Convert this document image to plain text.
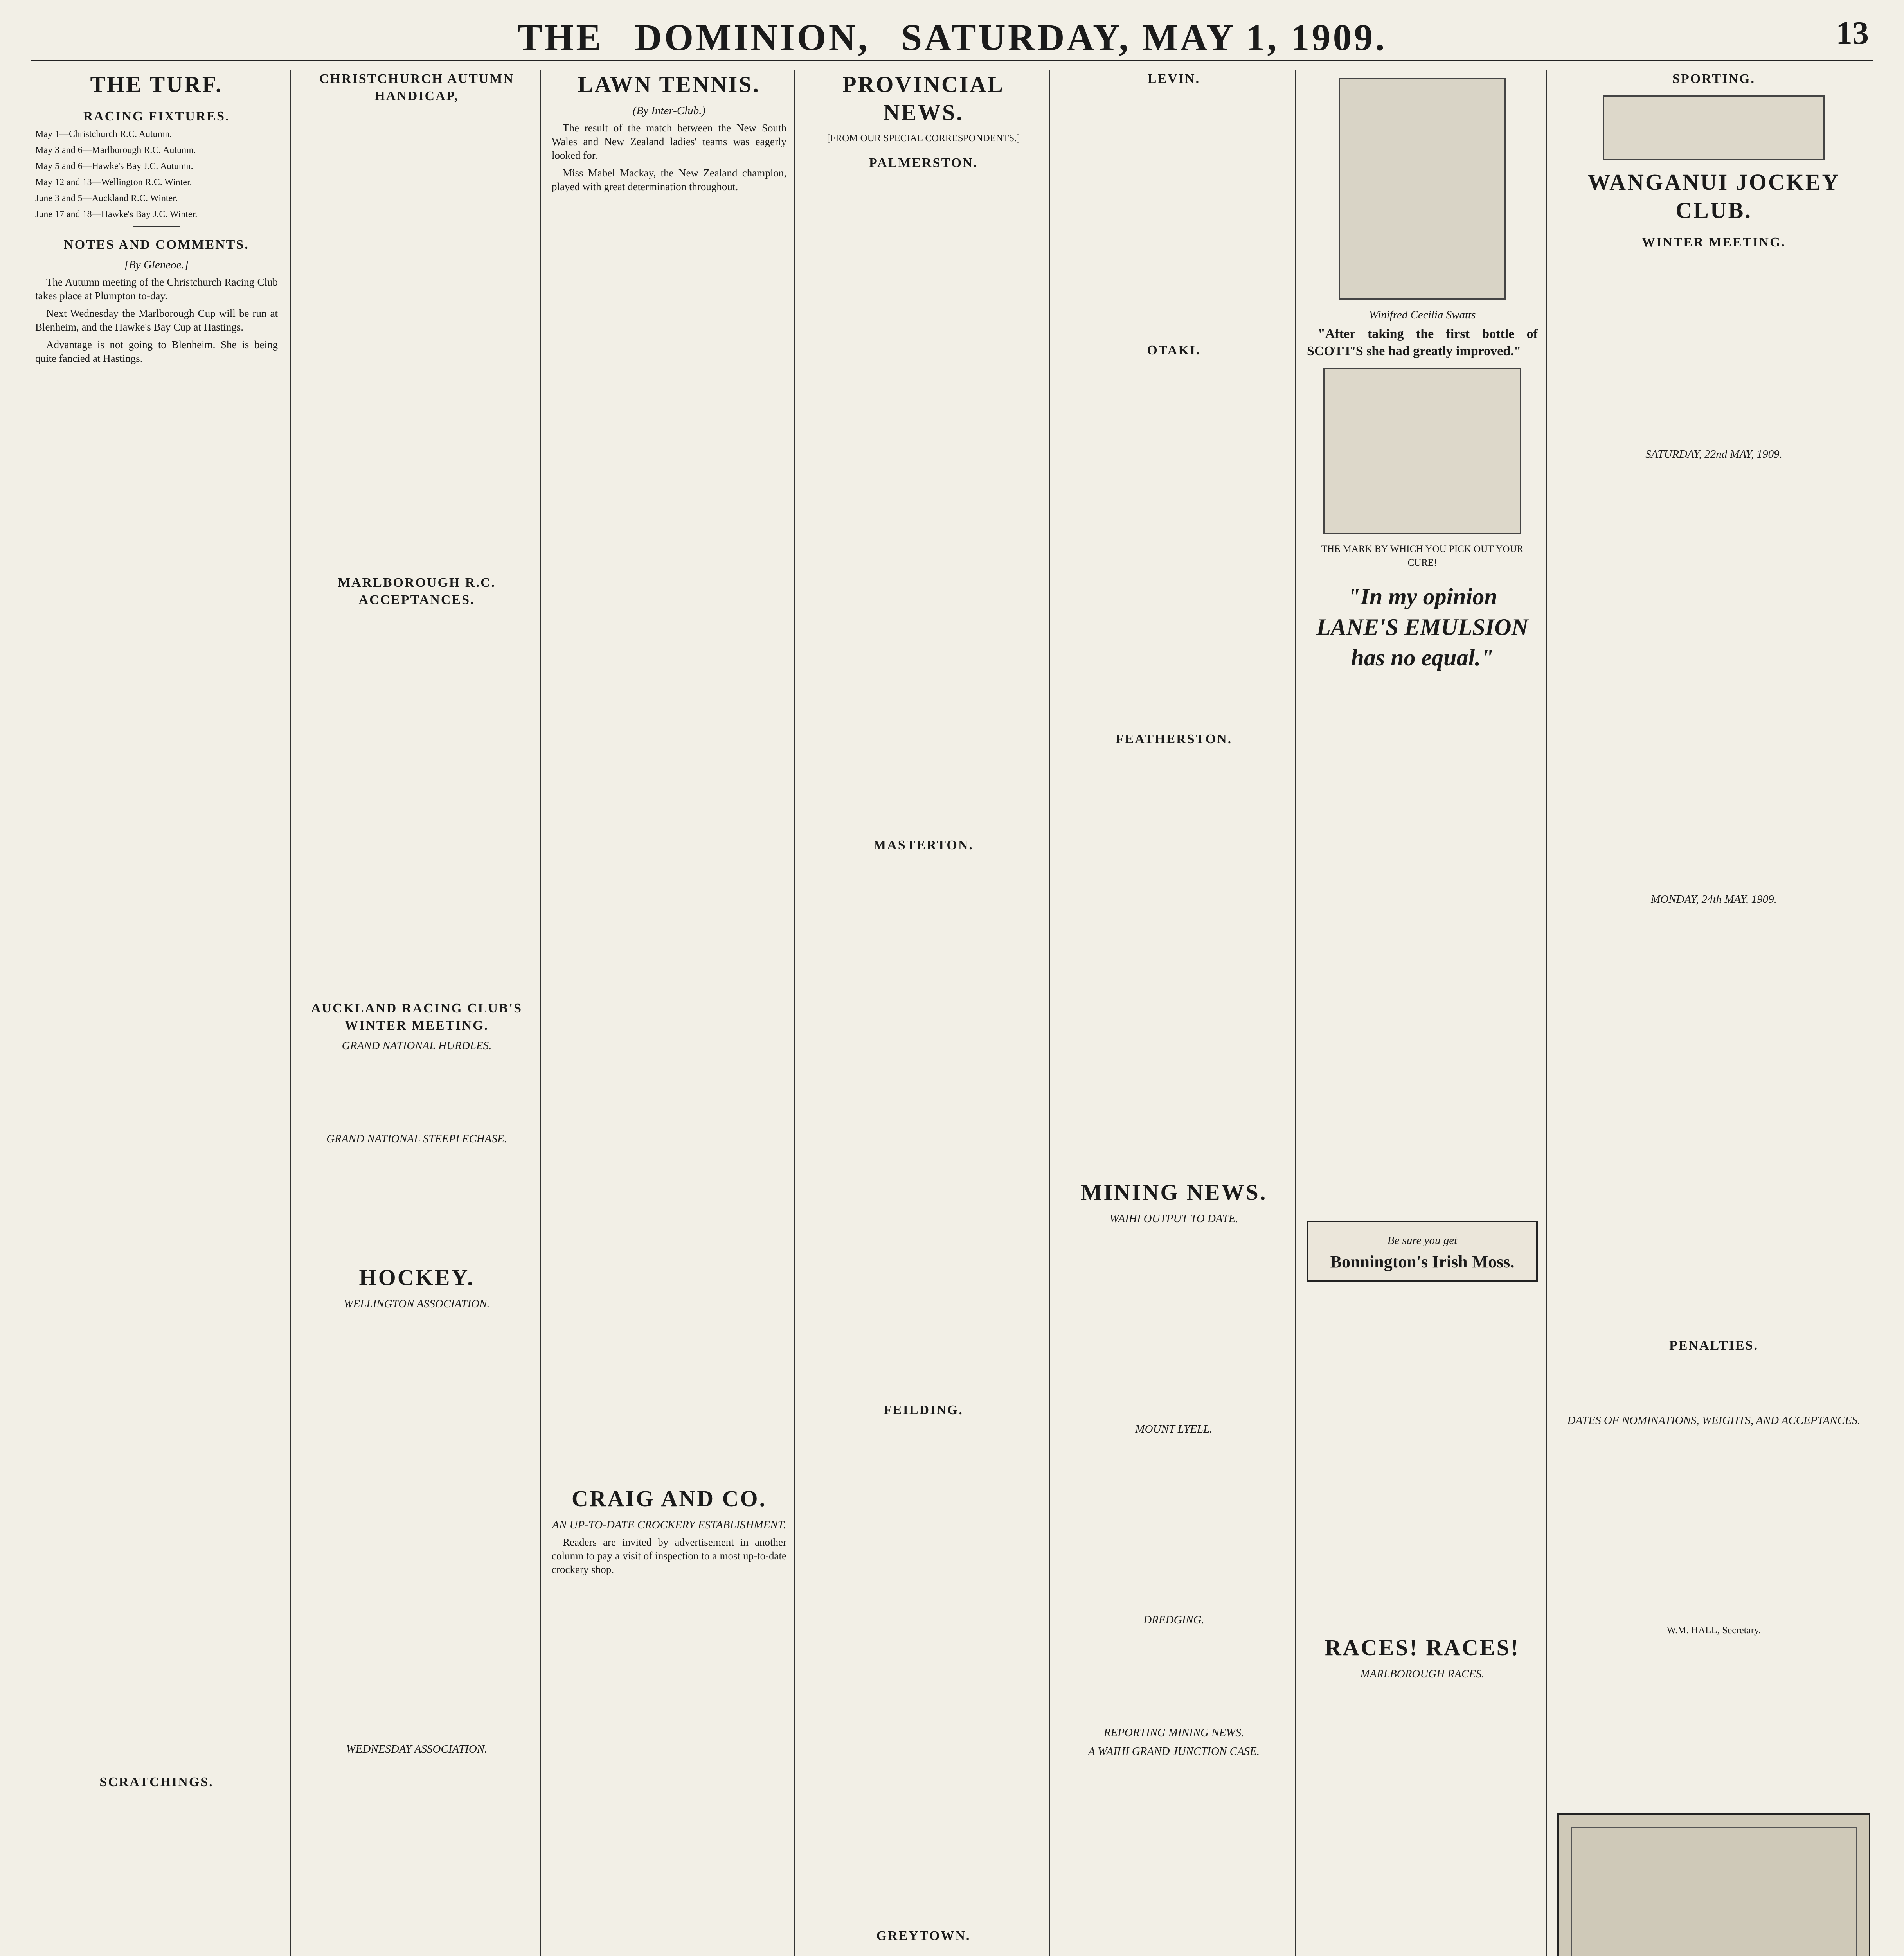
THE DOMINION, SATURDAY, MAY 1, 1909.	13
THE TURF.
RACING FIXTURES.

May 1—Christchurch R.C. Autumn.

May 3 and 6—Marlborough R.C. Autumn.

May 5 and 6—Hawke's Bay J.C. Autumn.

May 12 and 13—Wellington R.C. Winter.

June 3 and 5—Auckland R.C. Winter.

June 17 and 18—Hawke's Bay J.C. Winter.

NOTES AND COMMENTS.
[By Gleneoe.]

The Autumn meeting of the Christchurch Racing Club takes place at Plumpton to-day.

Next Wednesday the Marlborough Cup will be run at Blenheim, and the Hawke's Bay Cup at Hastings.

Advantage is not going to Blenheim. She is being quite fancied at Hastings.

SCRATCHINGS.
CHRISTCHURCH AUTUMN HANDICAP,
MARLBOROUGH R.C. ACCEPTANCES.
AUCKLAND RACING CLUB'S WINTER MEETING.
GRAND NATIONAL HURDLES.
GRAND NATIONAL STEEPLECHASE.
HOCKEY.
WELLINGTON ASSOCIATION.
WEDNESDAY ASSOCIATION.
LAWN TENNIS.
(By Inter-Club.)

The result of the match between the New South Wales and New Zealand ladies' teams was eagerly looked for.

Miss Mabel Mackay, the New Zealand champion, played with great determination throughout.

CRAIG AND CO.
AN UP-TO-DATE CROCKERY ESTABLISHMENT.

Readers are invited by advertisement in another column to pay a visit of inspection to a most up-to-date crockery shop.

PROVINCIAL NEWS.
[FROM OUR SPECIAL CORRESPONDENTS.]
PALMERSTON.
MASTERTON.
FEILDING.
GREYTOWN.
LEVIN.
OTAKI.
FEATHERSTON.
MINING NEWS.
WAIHI OUTPUT TO DATE.
MOUNT LYELL.
DREDGING.
REPORTING MINING NEWS.
A WAIHI GRAND JUNCTION CASE.
Winifred Cecilia Swatts

"After taking the first bottle of SCOTT'S she had greatly improved."

THE MARK BY WHICH YOU PICK OUT YOUR CURE!
"In my opinion
LANE'S EMULSION
has no equal."
Be sure you get
Bonnington's Irish Moss.
RACES! RACES!
MARLBOROUGH RACES.

SPORTING.
WANGANUI JOCKEY CLUB.
WINTER MEETING.
SATURDAY, 22nd MAY, 1909.
MONDAY, 24th MAY, 1909.
PENALTIES.
DATES OF NOMINATIONS, WEIGHTS, AND ACCEPTANCES.
W.M. HALL, Secretary.
